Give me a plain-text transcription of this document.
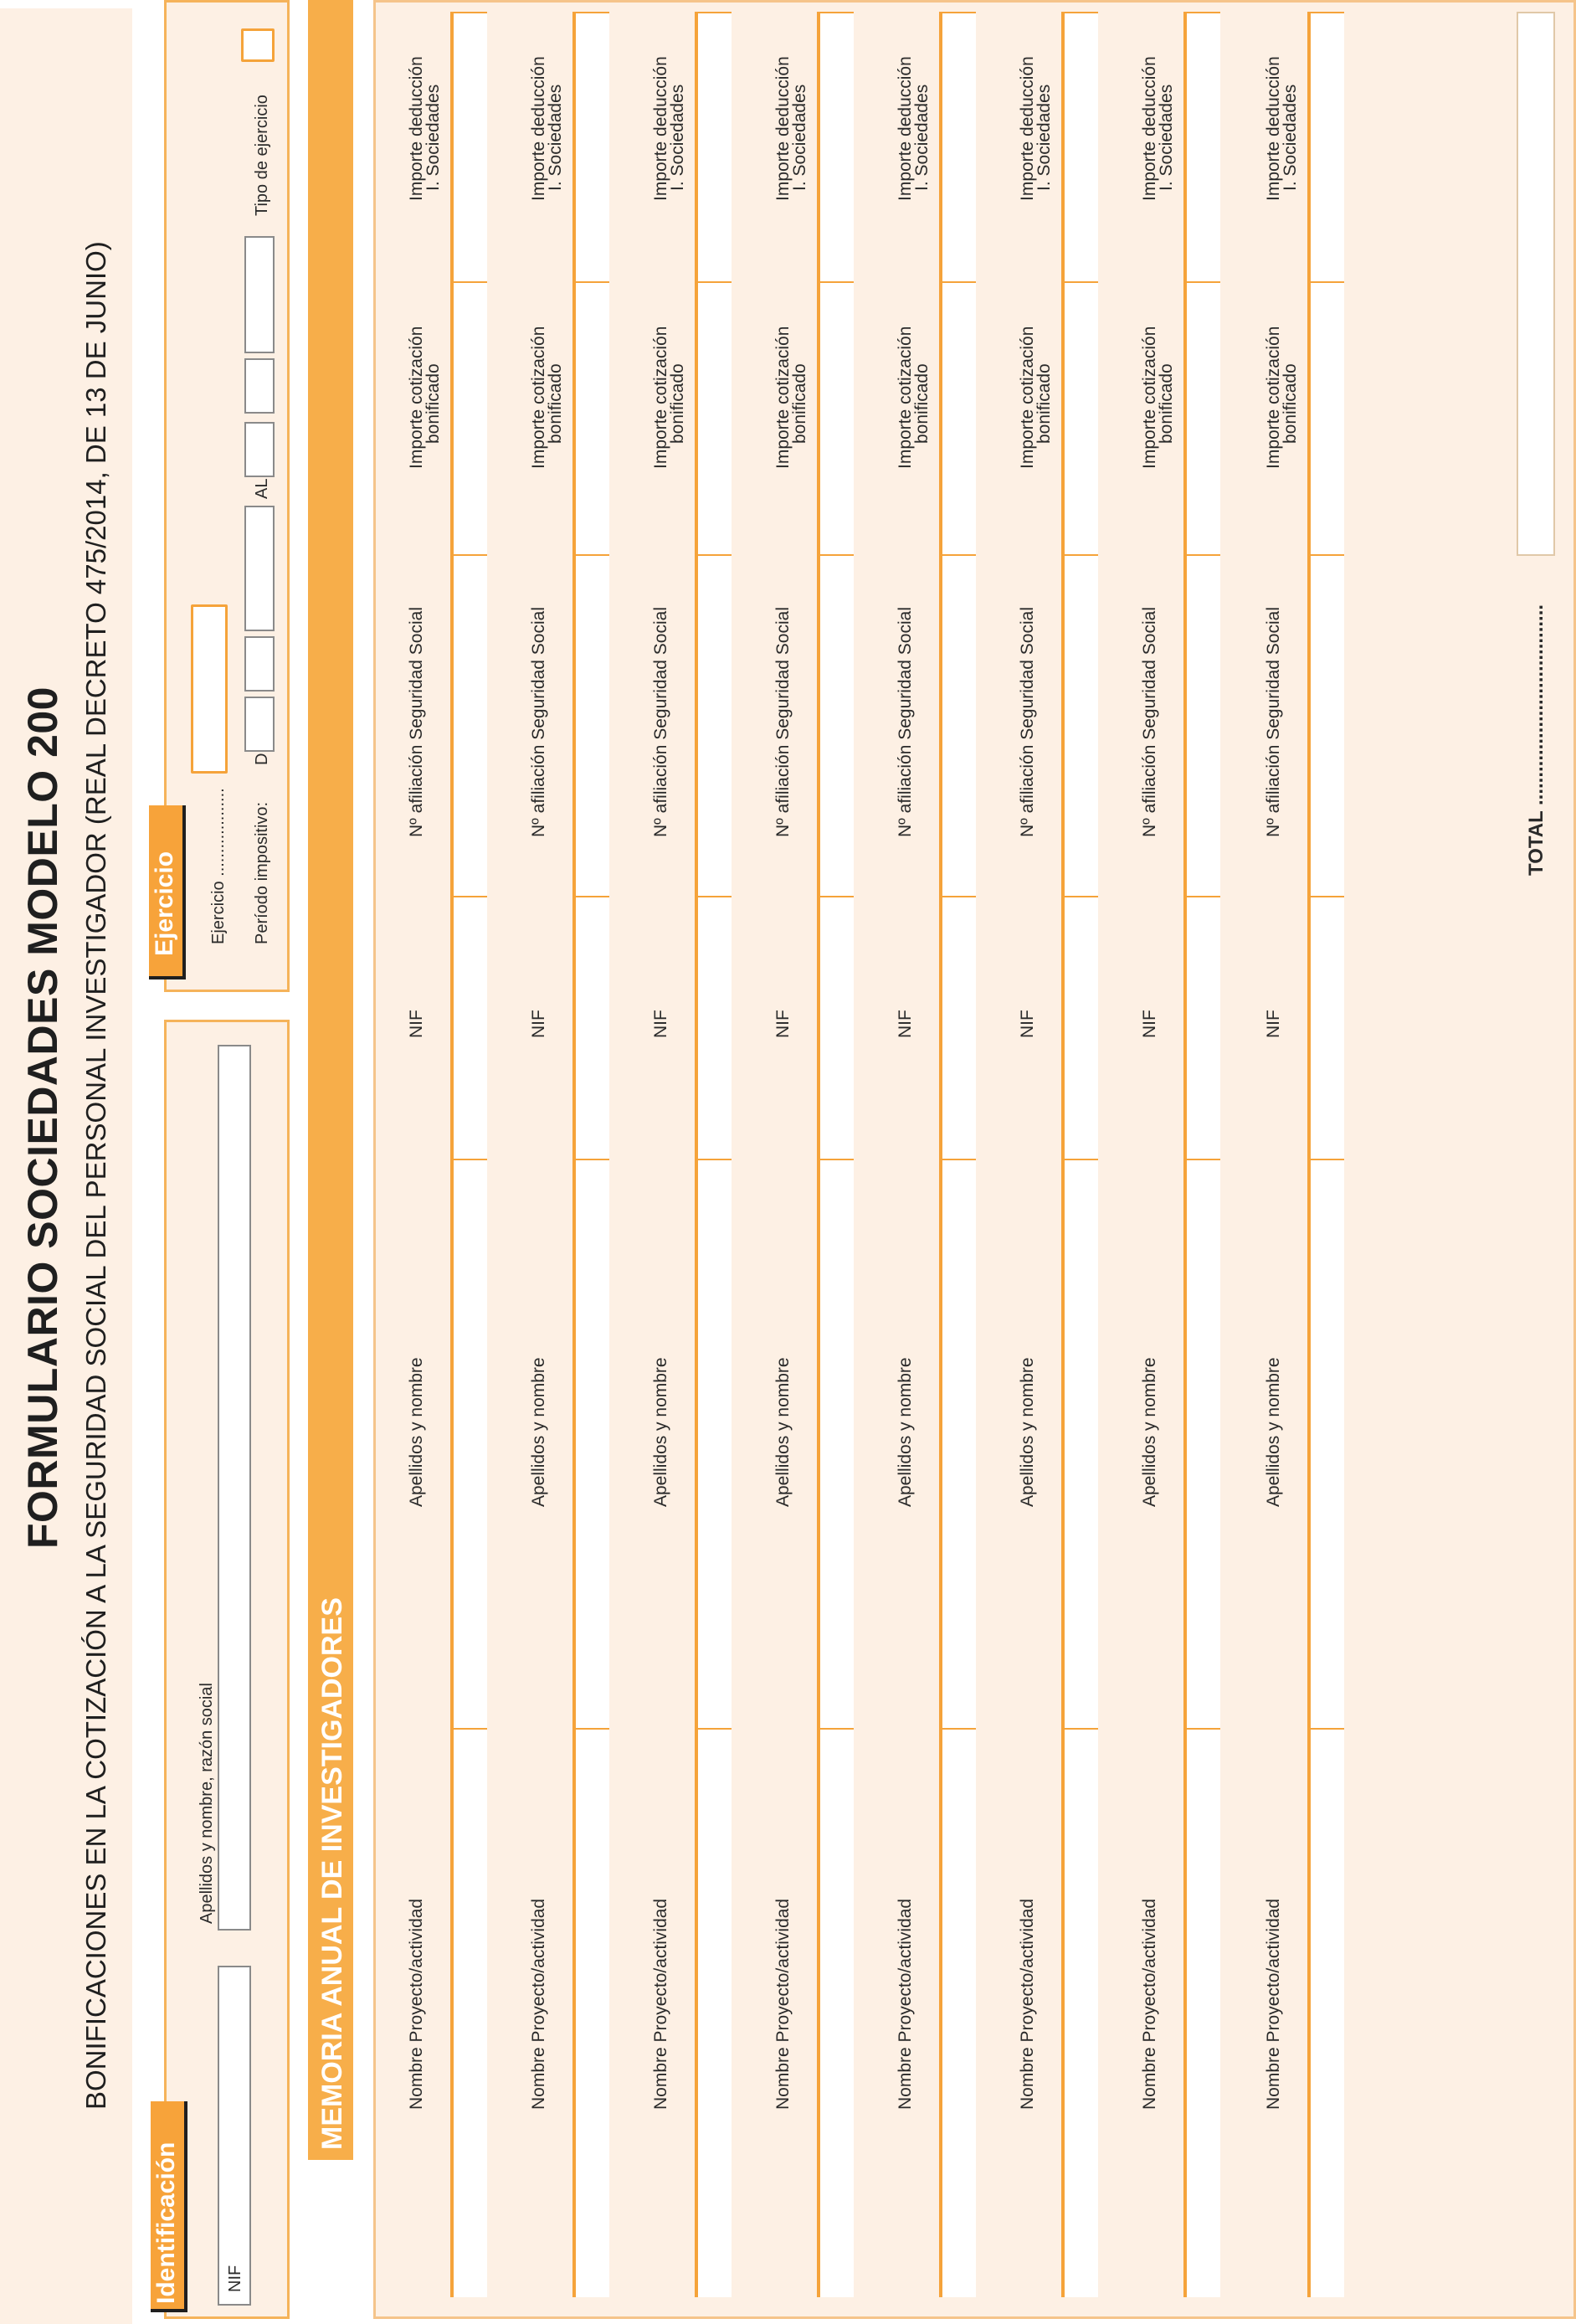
FORMULARIO SOCIEDADES MODELO 200 BONIFICACIONES EN LA COTIZACIÓN A LA SEGURIDAD SOCIAL DEL PERSONAL INVESTIGADOR (REAL DECRETO 475/2014, DE 13 DE JUNIO)
Identificación	NIF
Apellidos y nombre, razón social
Ejercicio Ejercicio ................... Período impositivo:
AL
Tipo de ejercicio
MEMORIA ANUAL DE INVESTIGADORES
Importe deducción
I. Sociedades
Importe cotización
bonificado
Nº afiliación Seguridad Social
NIF
Apellidos y nombre
Nombre Proyecto/actividad
Importe deducción
I. Sociedades
Importe cotización
bonificado
Nº afiliación Seguridad Social
NIF
Apellidos y nombre
Nombre Proyecto/actividad
Importe deducción
I. Sociedades
Importe cotización
bonificado
Nº afiliación Seguridad Social
NIF
Apellidos y nombre
Nombre Proyecto/actividad
Importe deducción
I. Sociedades
Importe cotización
bonificado
Nº afiliación Seguridad Social
NIF
Apellidos y nombre
Nombre Proyecto/actividad
Importe deducción
I. Sociedades
Importe cotización
bonificado
Nº afiliación Seguridad Social
NIF
Apellidos y nombre
Nombre Proyecto/actividad
Importe deducción
I. Sociedades
Importe cotización
bonificado
Nº afiliación Seguridad Social
NIF
Apellidos y nombre
Nombre Proyecto/actividad
Importe deducción
I. Sociedades
Importe cotización
bonificado
Nº afiliación Seguridad Social
NIF
Apellidos y nombre
Nombre Proyecto/actividad
Importe deducción
I. Sociedades
Importe cotización
bonificado
Nº afiliación Seguridad Social
NIF
Apellidos y nombre
Nombre Proyecto/actividad
TOTAL ....................................
